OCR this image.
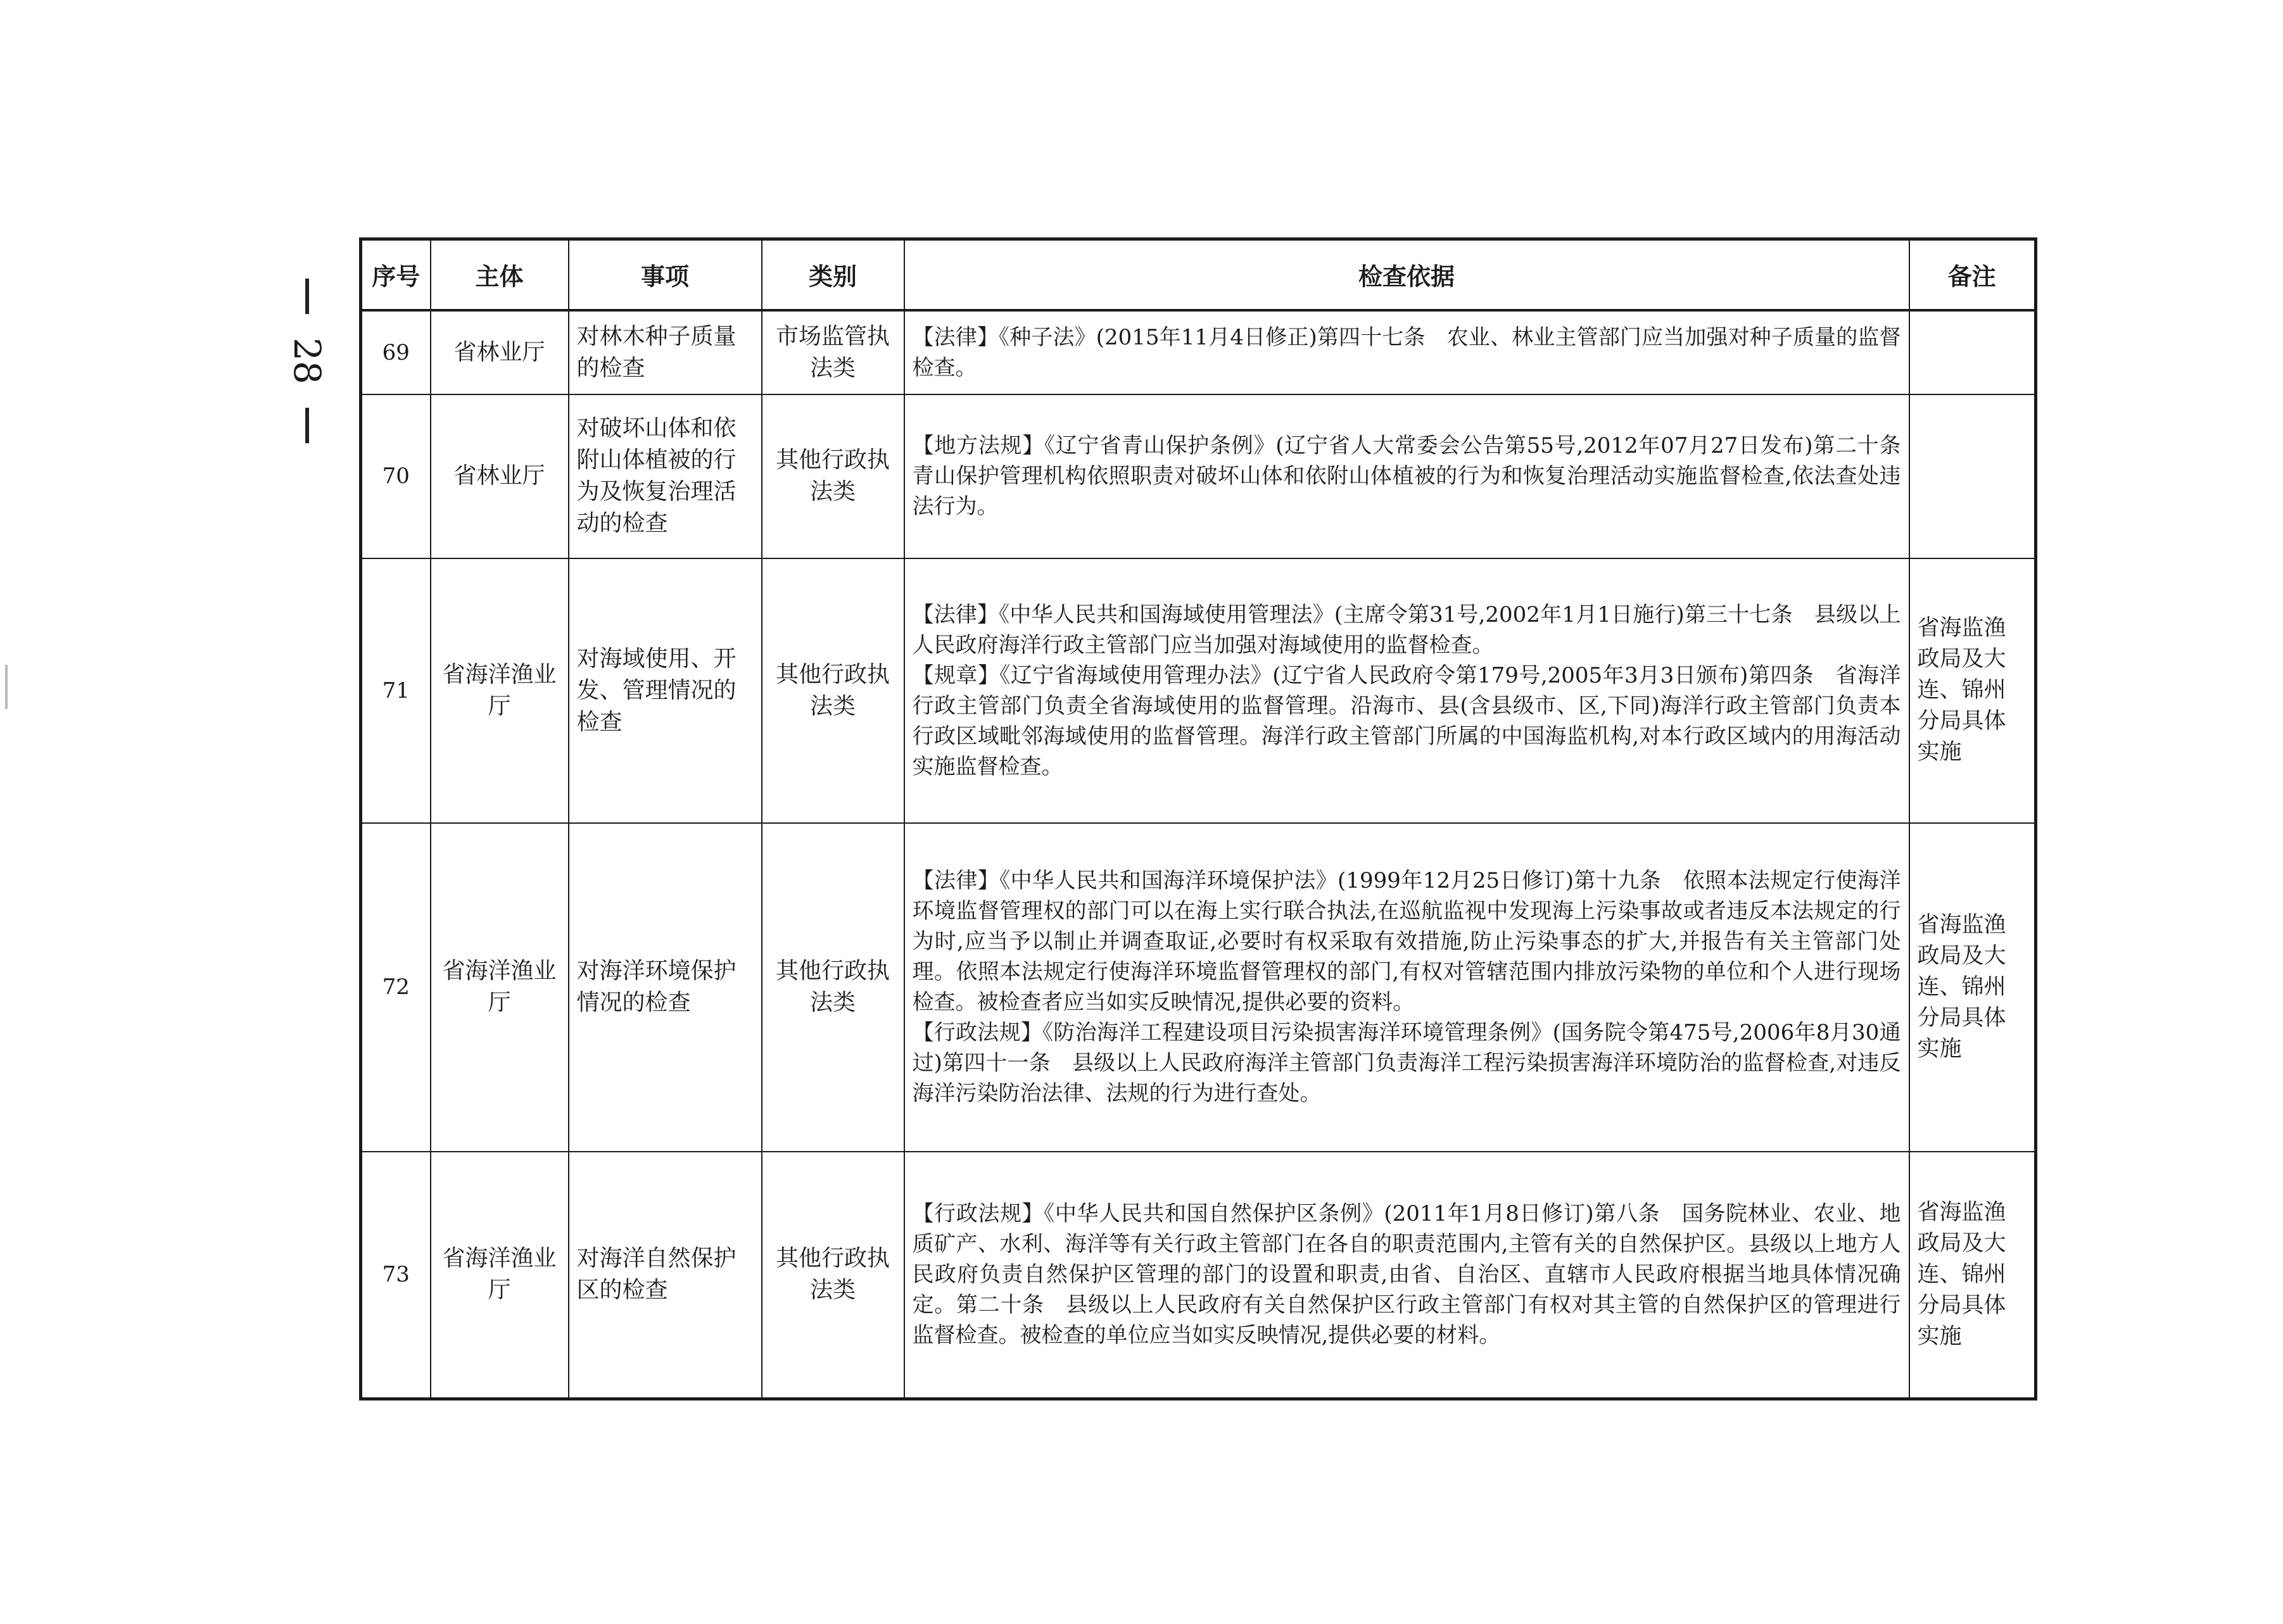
28
序号	主体	事项	类别	检查依据	备注
69	省林业厅	对林木种子质量的检查	市场监管执法类	【法律】《种子法》(2015年11月4日修正)第四十七条　农业、林业主管部门应当加强对种子质量的监督检查。	

70	省林业厅	对破坏山体和依附山体植被的行为及恢复治理活动的检查	其他行政执法类	【地方法规】《辽宁省青山保护条例》(辽宁省人大常委会公告第55号,2012年07月27日发布)第二十条　青山保护管理机构依照职责对破坏山体和依附山体植被的行为和恢复治理活动实施监督检查,依法查处违法行为。	

71	省海洋渔业厅	对海域使用、开发、管理情况的检查	其他行政执法类	【法律】《中华人民共和国海域使用管理法》(主席令第31号,2002年1月1日施行)第三十七条　县级以上人民政府海洋行政主管部门应当加强对海域使用的监督检查。
【规章】《辽宁省海域使用管理办法》(辽宁省人民政府令第179号,2005年3月3日颁布)第四条　省海洋行政主管部门负责全省海域使用的监督管理。沿海市、县(含县级市、区,下同)海洋行政主管部门负责本行政区域毗邻海域使用的监督管理。海洋行政主管部门所属的中国海监机构,对本行政区域内的用海活动实施监督检查。	省海监渔政局及大连、锦州分局具体实施
72	省海洋渔业厅	对海洋环境保护情况的检查	其他行政执法类	【法律】《中华人民共和国海洋环境保护法》(1999年12月25日修订)第十九条　依照本法规定行使海洋环境监督管理权的部门可以在海上实行联合执法,在巡航监视中发现海上污染事故或者违反本法规定的行为时,应当予以制止并调查取证,必要时有权采取有效措施,防止污染事态的扩大,并报告有关主管部门处理。依照本法规定行使海洋环境监督管理权的部门,有权对管辖范围内排放污染物的单位和个人进行现场检查。被检查者应当如实反映情况,提供必要的资料。
【行政法规】《防治海洋工程建设项目污染损害海洋环境管理条例》(国务院令第475号,2006年8月30通过)第四十一条　县级以上人民政府海洋主管部门负责海洋工程污染损害海洋环境防治的监督检查,对违反海洋污染防治法律、法规的行为进行查处。	省海监渔政局及大连、锦州分局具体实施
73	省海洋渔业厅	对海洋自然保护区的检查	其他行政执法类	【行政法规】《中华人民共和国自然保护区条例》(2011年1月8日修订)第八条　国务院林业、农业、地质矿产、水利、海洋等有关行政主管部门在各自的职责范围内,主管有关的自然保护区。县级以上地方人民政府负责自然保护区管理的部门的设置和职责,由省、自治区、直辖市人民政府根据当地具体情况确定。第二十条　县级以上人民政府有关自然保护区行政主管部门有权对其主管的自然保护区的管理进行监督检查。被检查的单位应当如实反映情况,提供必要的材料。	省海监渔政局及大连、锦州分局具体实施
